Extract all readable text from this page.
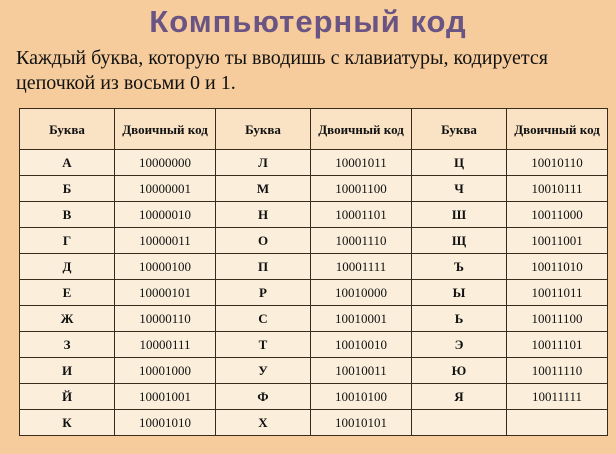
Компьютерный код
Каждый буква, которую ты вводишь с клавиатуры, кодируется цепочкой из восьми 0 и 1.
Буква	Двоичный код	Буква	Двоичный код	Буква	Двоичный код
А	10000000	Л	10001011	Ц	10010110
Б	10000001	М	10001100	Ч	10010111
В	10000010	Н	10001101	Ш	10011000
Г	10000011	О	10001110	Щ	10011001
Д	10000100	П	10001111	Ъ	10011010
Е	10000101	Р	10010000	Ы	10011011
Ж	10000110	С	10010001	Ь	10011100
З	10000111	Т	10010010	Э	10011101
И	10001000	У	10010011	Ю	10011110
Й	10001001	Ф	10010100	Я	10011111
К	10001010	Х	10010101		
